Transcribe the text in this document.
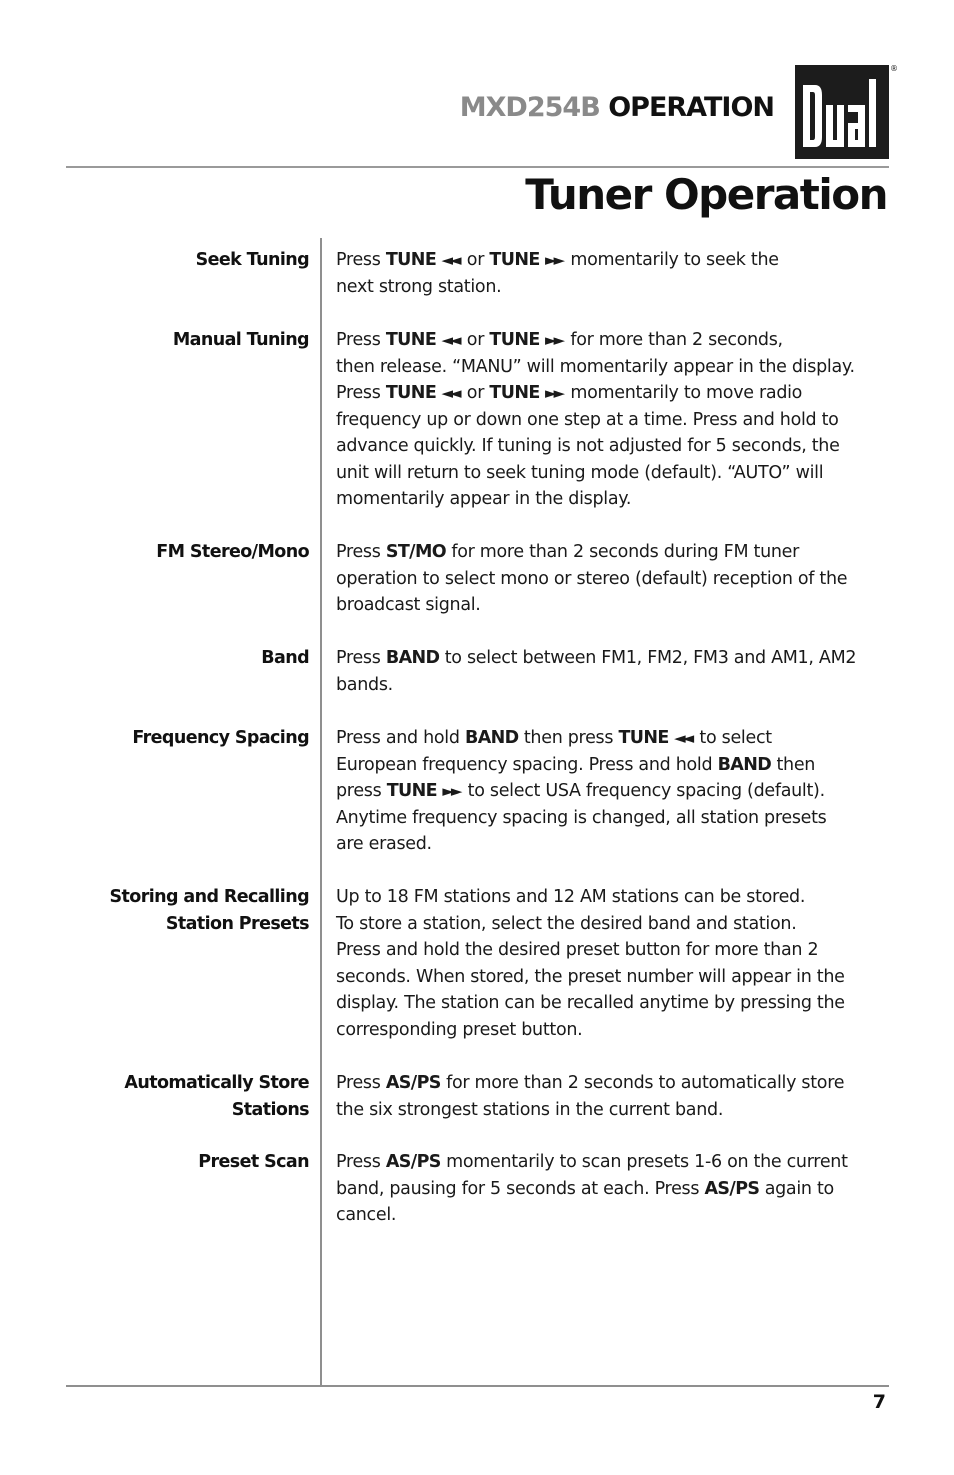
MXD254B OPERATION
®
Tuner Operation
Seek Tuning Press TUNE ◄◄ or TUNE ►► momentarily to seek the
next strong station.
Manual Tuning Press TUNE ◄◄ or TUNE ►► for more than 2 seconds,
then release. “MANU” will momentarily appear in the display.
Press TUNE ◄◄ or TUNE ►► momentarily to move radio
frequency up or down one step at a time. Press and hold to
advance quickly. If tuning is not adjusted for 5 seconds, the
unit will return to seek tuning mode (default). “AUTO” will
momentarily appear in the display.
FM Stereo/Mono Press ST/MO for more than 2 seconds during FM tuner
operation to select mono or stereo (default) reception of the
broadcast signal.
Band Press BAND to select between FM1, FM2, FM3 and AM1, AM2
bands.
Frequency Spacing Press and hold BAND then press TUNE ◄◄ to select
European frequency spacing. Press and hold BAND then
press TUNE ►► to select USA frequency spacing (default).
Anytime frequency spacing is changed, all station presets
are erased.
Storing and Recalling
Station Presets
Up to 18 FM stations and 12 AM stations can be stored.
To store a station, select the desired band and station.
Press and hold the desired preset button for more than 2
seconds. When stored, the preset number will appear in the
display. The station can be recalled anytime by pressing the
corresponding preset button.
Automatically Store
Stations
Press AS/PS for more than 2 seconds to automatically store
the six strongest stations in the current band.
Preset Scan Press AS/PS momentarily to scan presets 1-6 on the current
band, pausing for 5 seconds at each. Press AS/PS again to
cancel.
7
